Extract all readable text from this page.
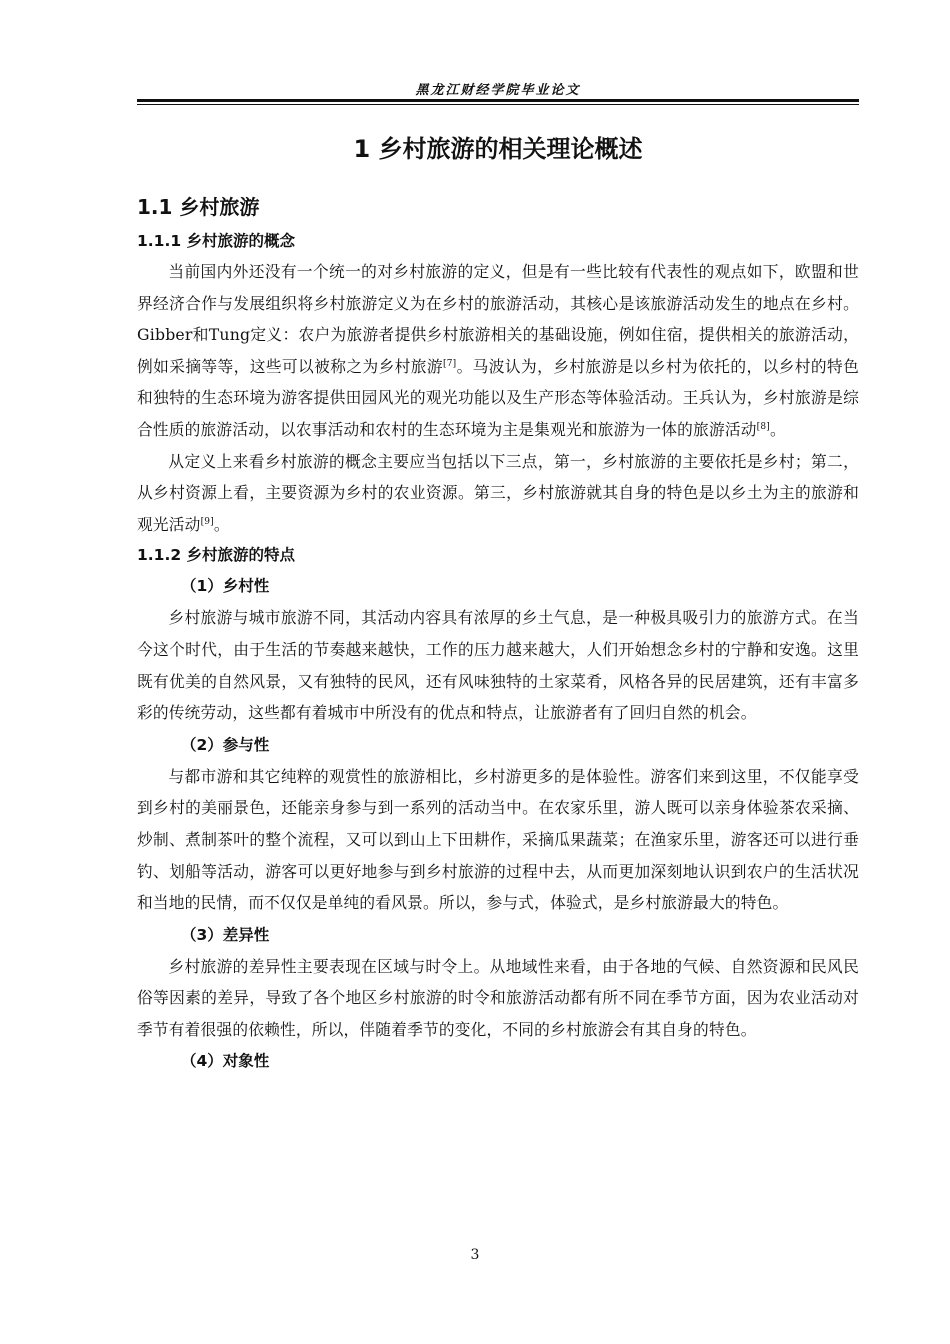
黑龙江财经学院毕业论文
1 乡村旅游的相关理论概述
1.1 乡村旅游
1.1.1 乡村旅游的概念

当前国内外还没有一个统一的对乡村旅游的定义，但是有一些比较有代表性的观点如下，欧盟和世界经济合作与发展组织将乡村旅游定义为在乡村的旅游活动，其核心是该旅游活动发生的地点在乡村。Gibber和Tung定义：农户为旅游者提供乡村旅游相关的基础设施，例如住宿，提供相关的旅游活动，例如采摘等等，这些可以被称之为乡村旅游[7]。马波认为，乡村旅游是以乡村为依托的，以乡村的特色和独特的生态环境为游客提供田园风光的观光功能以及生产形态等体验活动。王兵认为，乡村旅游是综合性质的旅游活动，以农事活动和农村的生态环境为主是集观光和旅游为一体的旅游活动[8]。

从定义上来看乡村旅游的概念主要应当包括以下三点，第一，乡村旅游的主要依托是乡村；第二，从乡村资源上看，主要资源为乡村的农业资源。第三，乡村旅游就其自身的特色是以乡土为主的旅游和观光活动[9]。

1.1.2 乡村旅游的特点
（1）乡村性

乡村旅游与城市旅游不同，其活动内容具有浓厚的乡土气息，是一种极具吸引力的旅游方式。在当今这个时代，由于生活的节奏越来越快，工作的压力越来越大，人们开始想念乡村的宁静和安逸。这里既有优美的自然风景，又有独特的民风，还有风味独特的土家菜肴，风格各异的民居建筑，还有丰富多彩的传统劳动，这些都有着城市中所没有的优点和特点，让旅游者有了回归自然的机会。

（2）参与性

与都市游和其它纯粹的观赏性的旅游相比，乡村游更多的是体验性。游客们来到这里，不仅能享受到乡村的美丽景色，还能亲身参与到一系列的活动当中。在农家乐里，游人既可以亲身体验茶农采摘、炒制、煮制茶叶的整个流程，又可以到山上下田耕作，采摘瓜果蔬菜；在渔家乐里，游客还可以进行垂钓、划船等活动，游客可以更好地参与到乡村旅游的过程中去，从而更加深刻地认识到农户的生活状况和当地的民情，而不仅仅是单纯的看风景。所以，参与式，体验式，是乡村旅游最大的特色。

（3）差异性

乡村旅游的差异性主要表现在区域与时令上。从地域性来看，由于各地的气候、自然资源和民风民俗等因素的差异，导致了各个地区乡村旅游的时令和旅游活动都有所不同在季节方面，因为农业活动对季节有着很强的依赖性，所以，伴随着季节的变化，不同的乡村旅游会有其自身的特色。

（4）对象性
3
